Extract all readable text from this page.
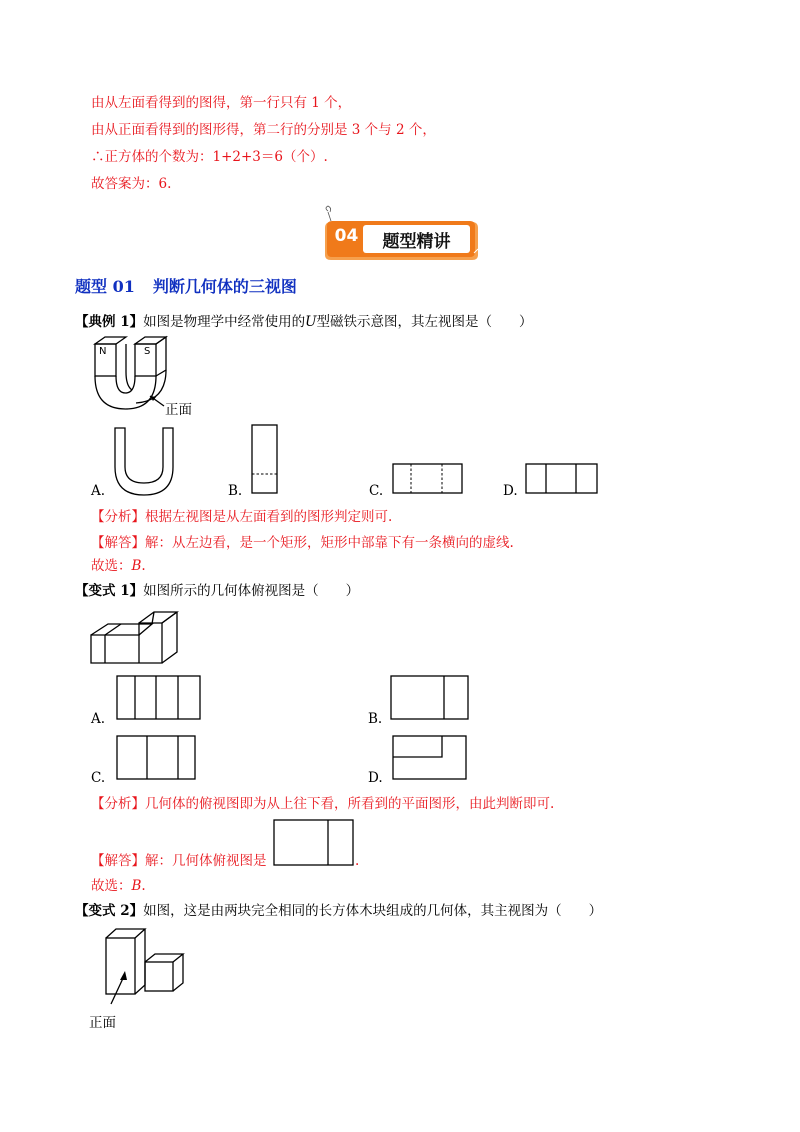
由从左面看得到的图得，第一行只有 1 个，
由从正面看得到的图形得，第二行的分别是 3 个与 2 个，
∴正方体的个数为：1+2+3＝6（个）.
故答案为：6.
04	题型精讲
题型 01 判断几何体的三视图
【典例 1】如图是物理学中经常使用的U型磁铁示意图，其左视图是（　　）
N	S
正面
A.	B.	C.	D.
【分析】根据左视图是从左面看到的图形判定则可.
【解答】解：从左边看，是一个矩形，矩形中部靠下有一条横向的虚线.
故选：B.
【变式 1】如图所示的几何体俯视图是（　　）
A.	B.
C.	D.
【分析】几何体的俯视图即为从上往下看，所看到的平面图形，由此判断即可.
【解答】解：几何体俯视图是	.
故选：B.
【变式 2】如图，这是由两块完全相同的长方体木块组成的几何体，其主视图为（　　）
正面
